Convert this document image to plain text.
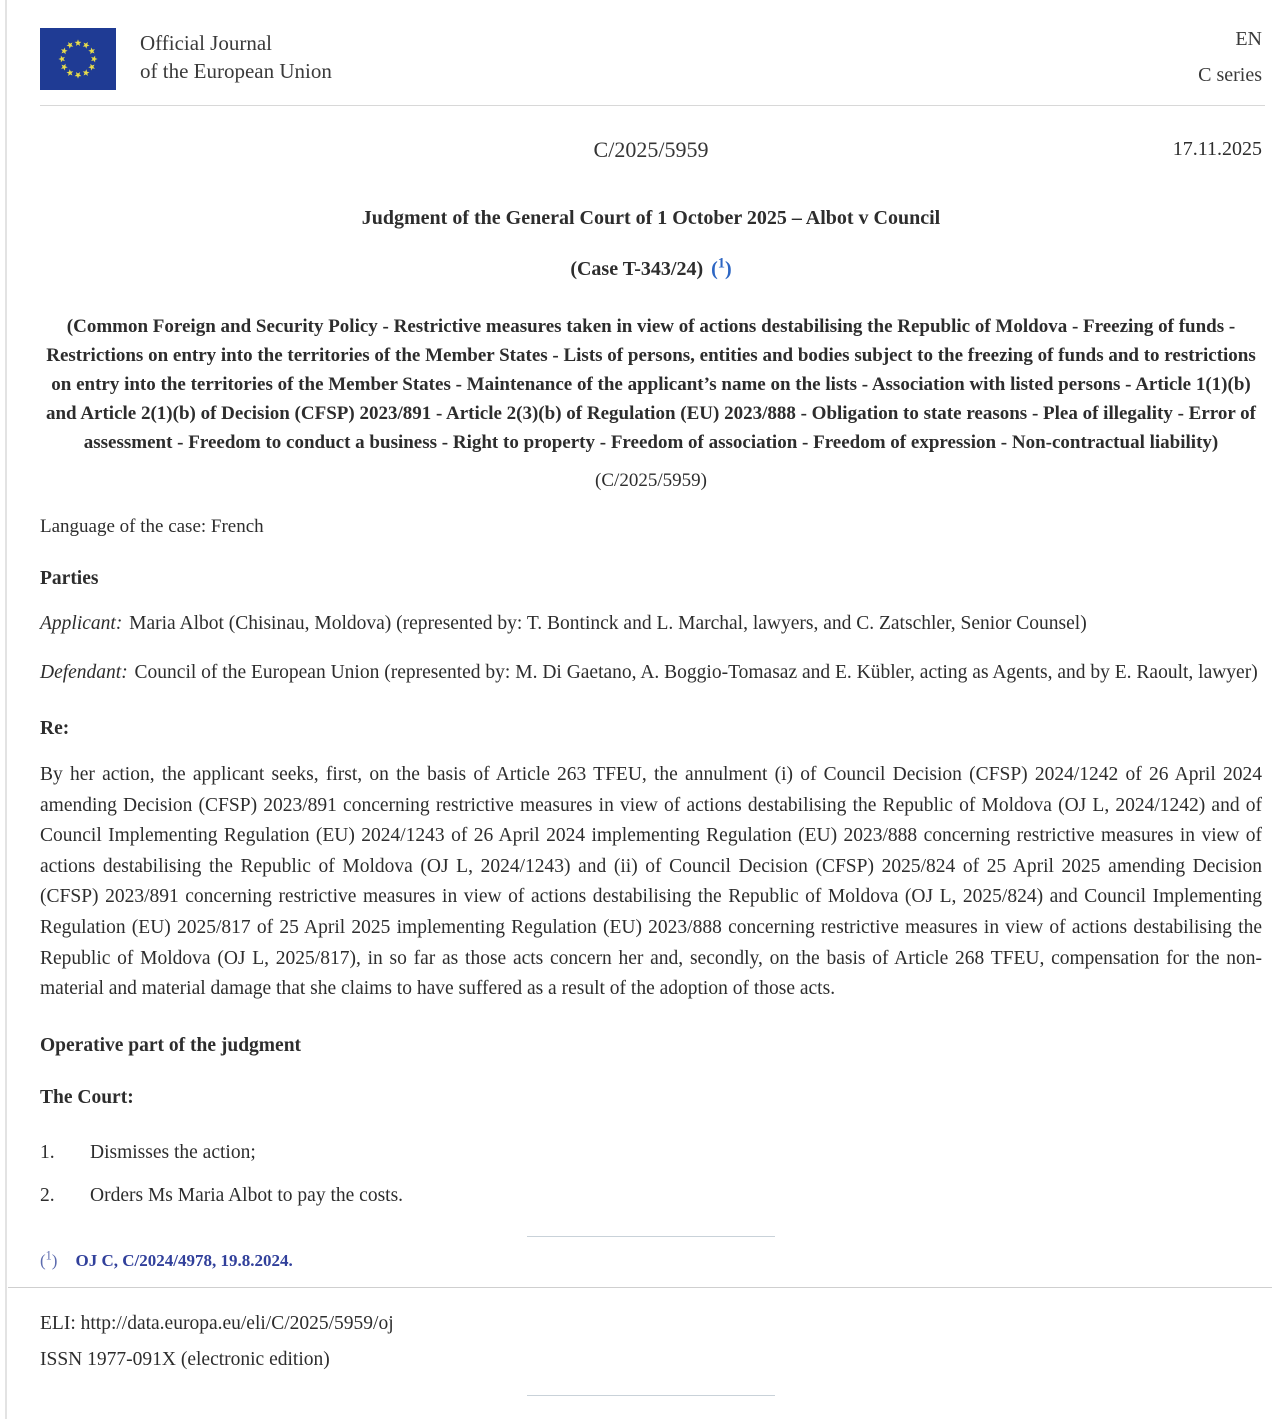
Official Journal
of the European Union
EN
C series
C/2025/5959	17.11.2025
Judgment of the General Court of 1 October 2025 – Albot v Council
(Case T-343/24) ( $^1$ )

(Common Foreign and Security Policy - Restrictive measures taken in view of actions destabilising the Republic of Moldova - Freezing of funds - Restrictions on entry into the territories of the Member States - Lists of persons, entities and bodies subject to the freezing of funds and to restrictions on entry into the territories of the Member States - Maintenance of the applicant’s name on the lists - Association with listed persons - Article 1(1)(b) and Article 2(1)(b) of Decision (CFSP) 2023/891 - Article 2(3)(b) of Regulation (EU) 2023/888 - Obligation to state reasons - Plea of illegality - Error of assessment - Freedom to conduct a business - Right to property - Freedom of association - Freedom of expression - Non-contractual liability)

(C/2025/5959)

Language of the case: French

Parties

Applicant: Maria Albot (Chisinau, Moldova) (represented by: T. Bontinck and L. Marchal, lawyers, and C. Zatschler, Senior Counsel)

Defendant: Council of the European Union (represented by: M. Di Gaetano, A. Boggio-Tomasaz and E. Kübler, acting as Agents, and by E. Raoult, lawyer)

Re:

By her action, the applicant seeks, first, on the basis of Article 263 TFEU, the annulment (i) of Council Decision (CFSP) 2024/1242 of 26 April 2024 amending Decision (CFSP) 2023/891 concerning restrictive measures in view of actions destabilising the Republic of Moldova (OJ L, 2024/1242) and of Council Implementing Regulation (EU) 2024/1243 of 26 April 2024 implementing Regulation (EU) 2023/888 concerning restrictive measures in view of actions destabilising the Republic of Moldova (OJ L, 2024/1243) and (ii) of Council Decision (CFSP) 2025/824 of 25 April 2025 amending Decision (CFSP) 2023/891 concerning restrictive measures in view of actions destabilising the Republic of Moldova (OJ L, 2025/824) and Council Implementing Regulation (EU) 2025/817 of 25 April 2025 implementing Regulation (EU) 2023/888 concerning restrictive measures in view of actions destabilising the Republic of Moldova (OJ L, 2025/817), in so far as those acts concern her and, secondly, on the basis of Article 268 TFEU, compensation for the non-material and material damage that she claims to have suffered as a result of the adoption of those acts.

Operative part of the judgment
The Court:
1.	Dismisses the action;
2.	Orders Ms Maria Albot to pay the costs.
( $^1$ ) OJ C, C/2024/4978, 19.8.2024.

ELI: http://data.europa.eu/eli/C/2025/5959/oj

ISSN 1977-091X (electronic edition)
